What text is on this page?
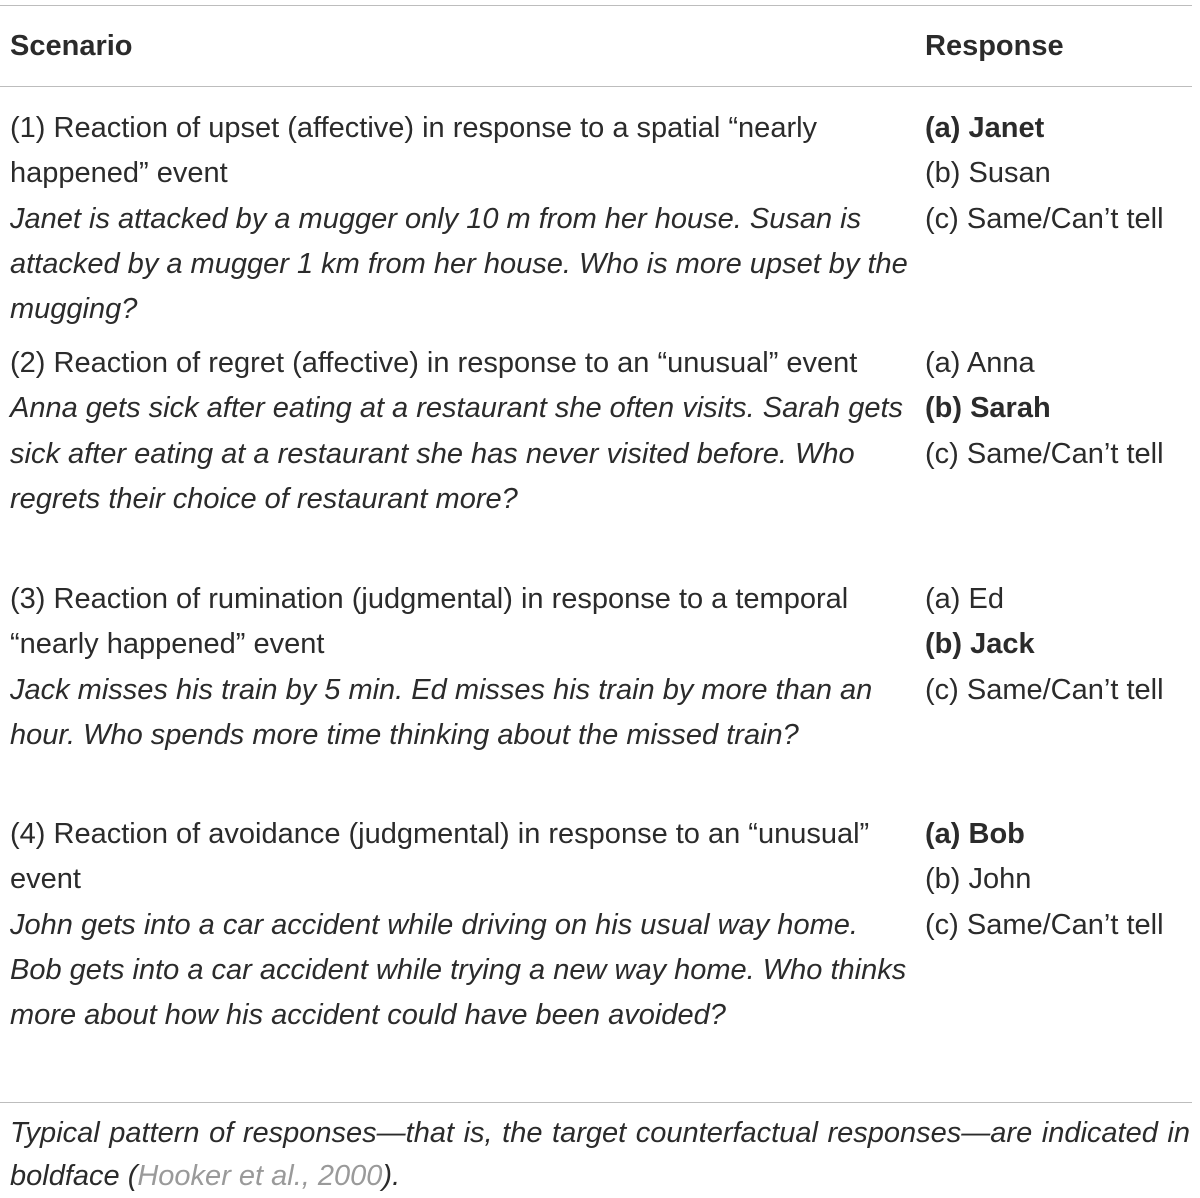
Scenario	Response
(1) Reaction of upset (affective) in response to a spatial “nearly happened” event
Janet is attacked by a mugger only 10 m from her house. Susan is attacked by a mugger 1 km from her house. Who is more upset by the mugging?
(a) Janet
(b) Susan
(c) Same/Can’t tell
(2) Reaction of regret (affective) in response to an “unusual” event
Anna gets sick after eating at a restaurant she often visits. Sarah gets sick after eating at a restaurant she has never visited before. Who regrets their choice of restaurant more?
(a) Anna
(b) Sarah
(c) Same/Can’t tell
(3) Reaction of rumination (judgmental) in response to a temporal “nearly happened” event
Jack misses his train by 5 min. Ed misses his train by more than an hour. Who spends more time thinking about the missed train?
(a) Ed
(b) Jack
(c) Same/Can’t tell
(4) Reaction of avoidance (judgmental) in response to an “unusual” event
John gets into a car accident while driving on his usual way home. Bob gets into a car accident while trying a new way home. Who thinks more about how his accident could have been avoided?
(a) Bob
(b) John
(c) Same/Can’t tell
Typical pattern of responses—that is, the target counterfactual responses—are indicated in boldface (Hooker et al., 2000).
